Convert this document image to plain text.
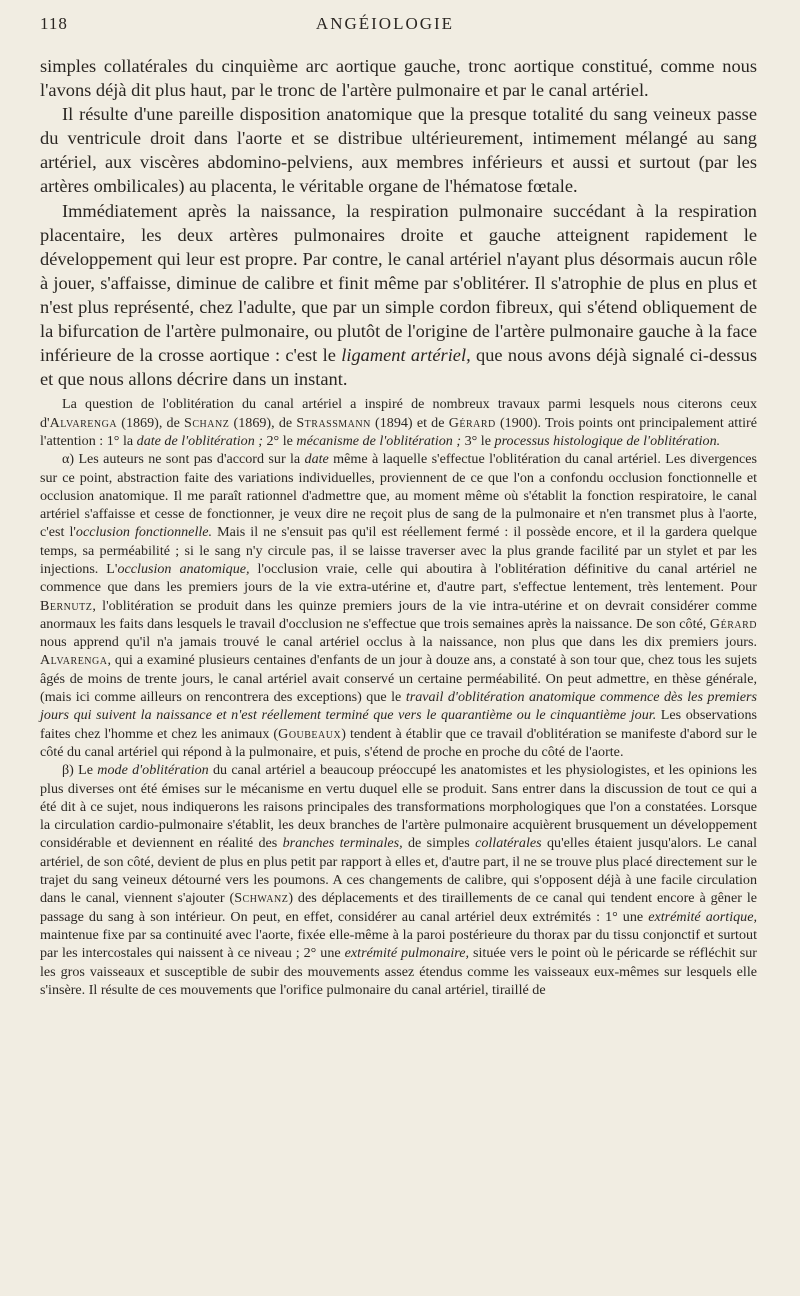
118	ANGÉIOLOGIE

simples collatérales du cinquième arc aortique gauche, tronc aortique constitué, comme nous l'avons déjà dit plus haut, par le tronc de l'artère pulmonaire et par le canal artériel.

Il résulte d'une pareille disposition anatomique que la presque totalité du sang veineux passe du ventricule droit dans l'aorte et se distribue ultérieurement, intimement mélangé au sang artériel, aux viscères abdomino-pelviens, aux membres inférieurs et aussi et surtout (par les artères ombilicales) au placenta, le véritable organe de l'hématose fœtale.

Immédiatement après la naissance, la respiration pulmonaire succédant à la respiration placentaire, les deux artères pulmonaires droite et gauche atteignent rapidement le développement qui leur est propre. Par contre, le canal artériel n'ayant plus désormais aucun rôle à jouer, s'affaisse, diminue de calibre et finit même par s'oblitérer. Il s'atrophie de plus en plus et n'est plus représenté, chez l'adulte, que par un simple cordon fibreux, qui s'étend obliquement de la bifurcation de l'artère pulmonaire, ou plutôt de l'origine de l'artère pulmonaire gauche à la face inférieure de la crosse aortique : c'est le ligament artériel, que nous avons déjà signalé ci-dessus et que nous allons décrire dans un instant.

La question de l'oblitération du canal artériel a inspiré de nombreux travaux parmi lesquels nous citerons ceux d'Alvarenga (1869), de Schanz (1869), de Strassmann (1894) et de Gérard (1900). Trois points ont principalement attiré l'attention : 1° la date de l'oblitération ; 2° le mécanisme de l'oblitération ; 3° le processus histologique de l'oblitération.

α) Les auteurs ne sont pas d'accord sur la date même à laquelle s'effectue l'oblitération du canal artériel. Les divergences sur ce point, abstraction faite des variations individuelles, proviennent de ce que l'on a confondu occlusion fonctionnelle et occlusion anatomique. Il me paraît rationnel d'admettre que, au moment même où s'établit la fonction respiratoire, le canal artériel s'affaisse et cesse de fonctionner, je veux dire ne reçoit plus de sang de la pulmonaire et n'en transmet plus à l'aorte, c'est l'occlusion fonctionnelle. Mais il ne s'ensuit pas qu'il est réellement fermé : il possède encore, et il la gardera quelque temps, sa perméabilité ; si le sang n'y circule pas, il se laisse traverser avec la plus grande facilité par un stylet et par les injections. L'occlusion anatomique, l'occlusion vraie, celle qui aboutira à l'oblitération définitive du canal artériel ne commence que dans les premiers jours de la vie extra-utérine et, d'autre part, s'effectue lentement, très lentement. Pour Bernutz, l'oblitération se produit dans les quinze premiers jours de la vie intra-utérine et on devrait considérer comme anormaux les faits dans lesquels le travail d'occlusion ne s'effectue que trois semaines après la naissance. De son côté, Gérard nous apprend qu'il n'a jamais trouvé le canal artériel occlus à la naissance, non plus que dans les dix premiers jours. Alvarenga, qui a examiné plusieurs centaines d'enfants de un jour à douze ans, a constaté à son tour que, chez tous les sujets âgés de moins de trente jours, le canal artériel avait conservé un certaine perméabilité. On peut admettre, en thèse générale, (mais ici comme ailleurs on rencontrera des exceptions) que le travail d'oblitération anatomique commence dès les premiers jours qui suivent la naissance et n'est réellement terminé que vers le quarantième ou le cinquantième jour. Les observations faites chez l'homme et chez les animaux (Goubeaux) tendent à établir que ce travail d'oblitération se manifeste d'abord sur le côté du canal artériel qui répond à la pulmonaire, et puis, s'étend de proche en proche du côté de l'aorte.

β) Le mode d'oblitération du canal artériel a beaucoup préoccupé les anatomistes et les physiologistes, et les opinions les plus diverses ont été émises sur le mécanisme en vertu duquel elle se produit. Sans entrer dans la discussion de tout ce qui a été dit à ce sujet, nous indiquerons les raisons principales des transformations morphologiques que l'on a constatées. Lorsque la circulation cardio-pulmonaire s'établit, les deux branches de l'artère pulmonaire acquièrent brusquement un développement considérable et deviennent en réalité des branches terminales, de simples collatérales qu'elles étaient jusqu'alors. Le canal artériel, de son côté, devient de plus en plus petit par rapport à elles et, d'autre part, il ne se trouve plus placé directement sur le trajet du sang veineux détourné vers les poumons. A ces changements de calibre, qui s'opposent déjà à une facile circulation dans le canal, viennent s'ajouter (Schwanz) des déplacements et des tiraillements de ce canal qui tendent encore à gêner le passage du sang à son intérieur. On peut, en effet, considérer au canal artériel deux extrémités : 1° une extrémité aortique, maintenue fixe par sa continuité avec l'aorte, fixée elle-même à la paroi postérieure du thorax par du tissu conjonctif et surtout par les intercostales qui naissent à ce niveau ; 2° une extrémité pulmonaire, située vers le point où le péricarde se réfléchit sur les gros vaisseaux et susceptible de subir des mouvements assez étendus comme les vaisseaux eux-mêmes sur lesquels elle s'insère. Il résulte de ces mouvements que l'orifice pulmonaire du canal artériel, tiraillé de
